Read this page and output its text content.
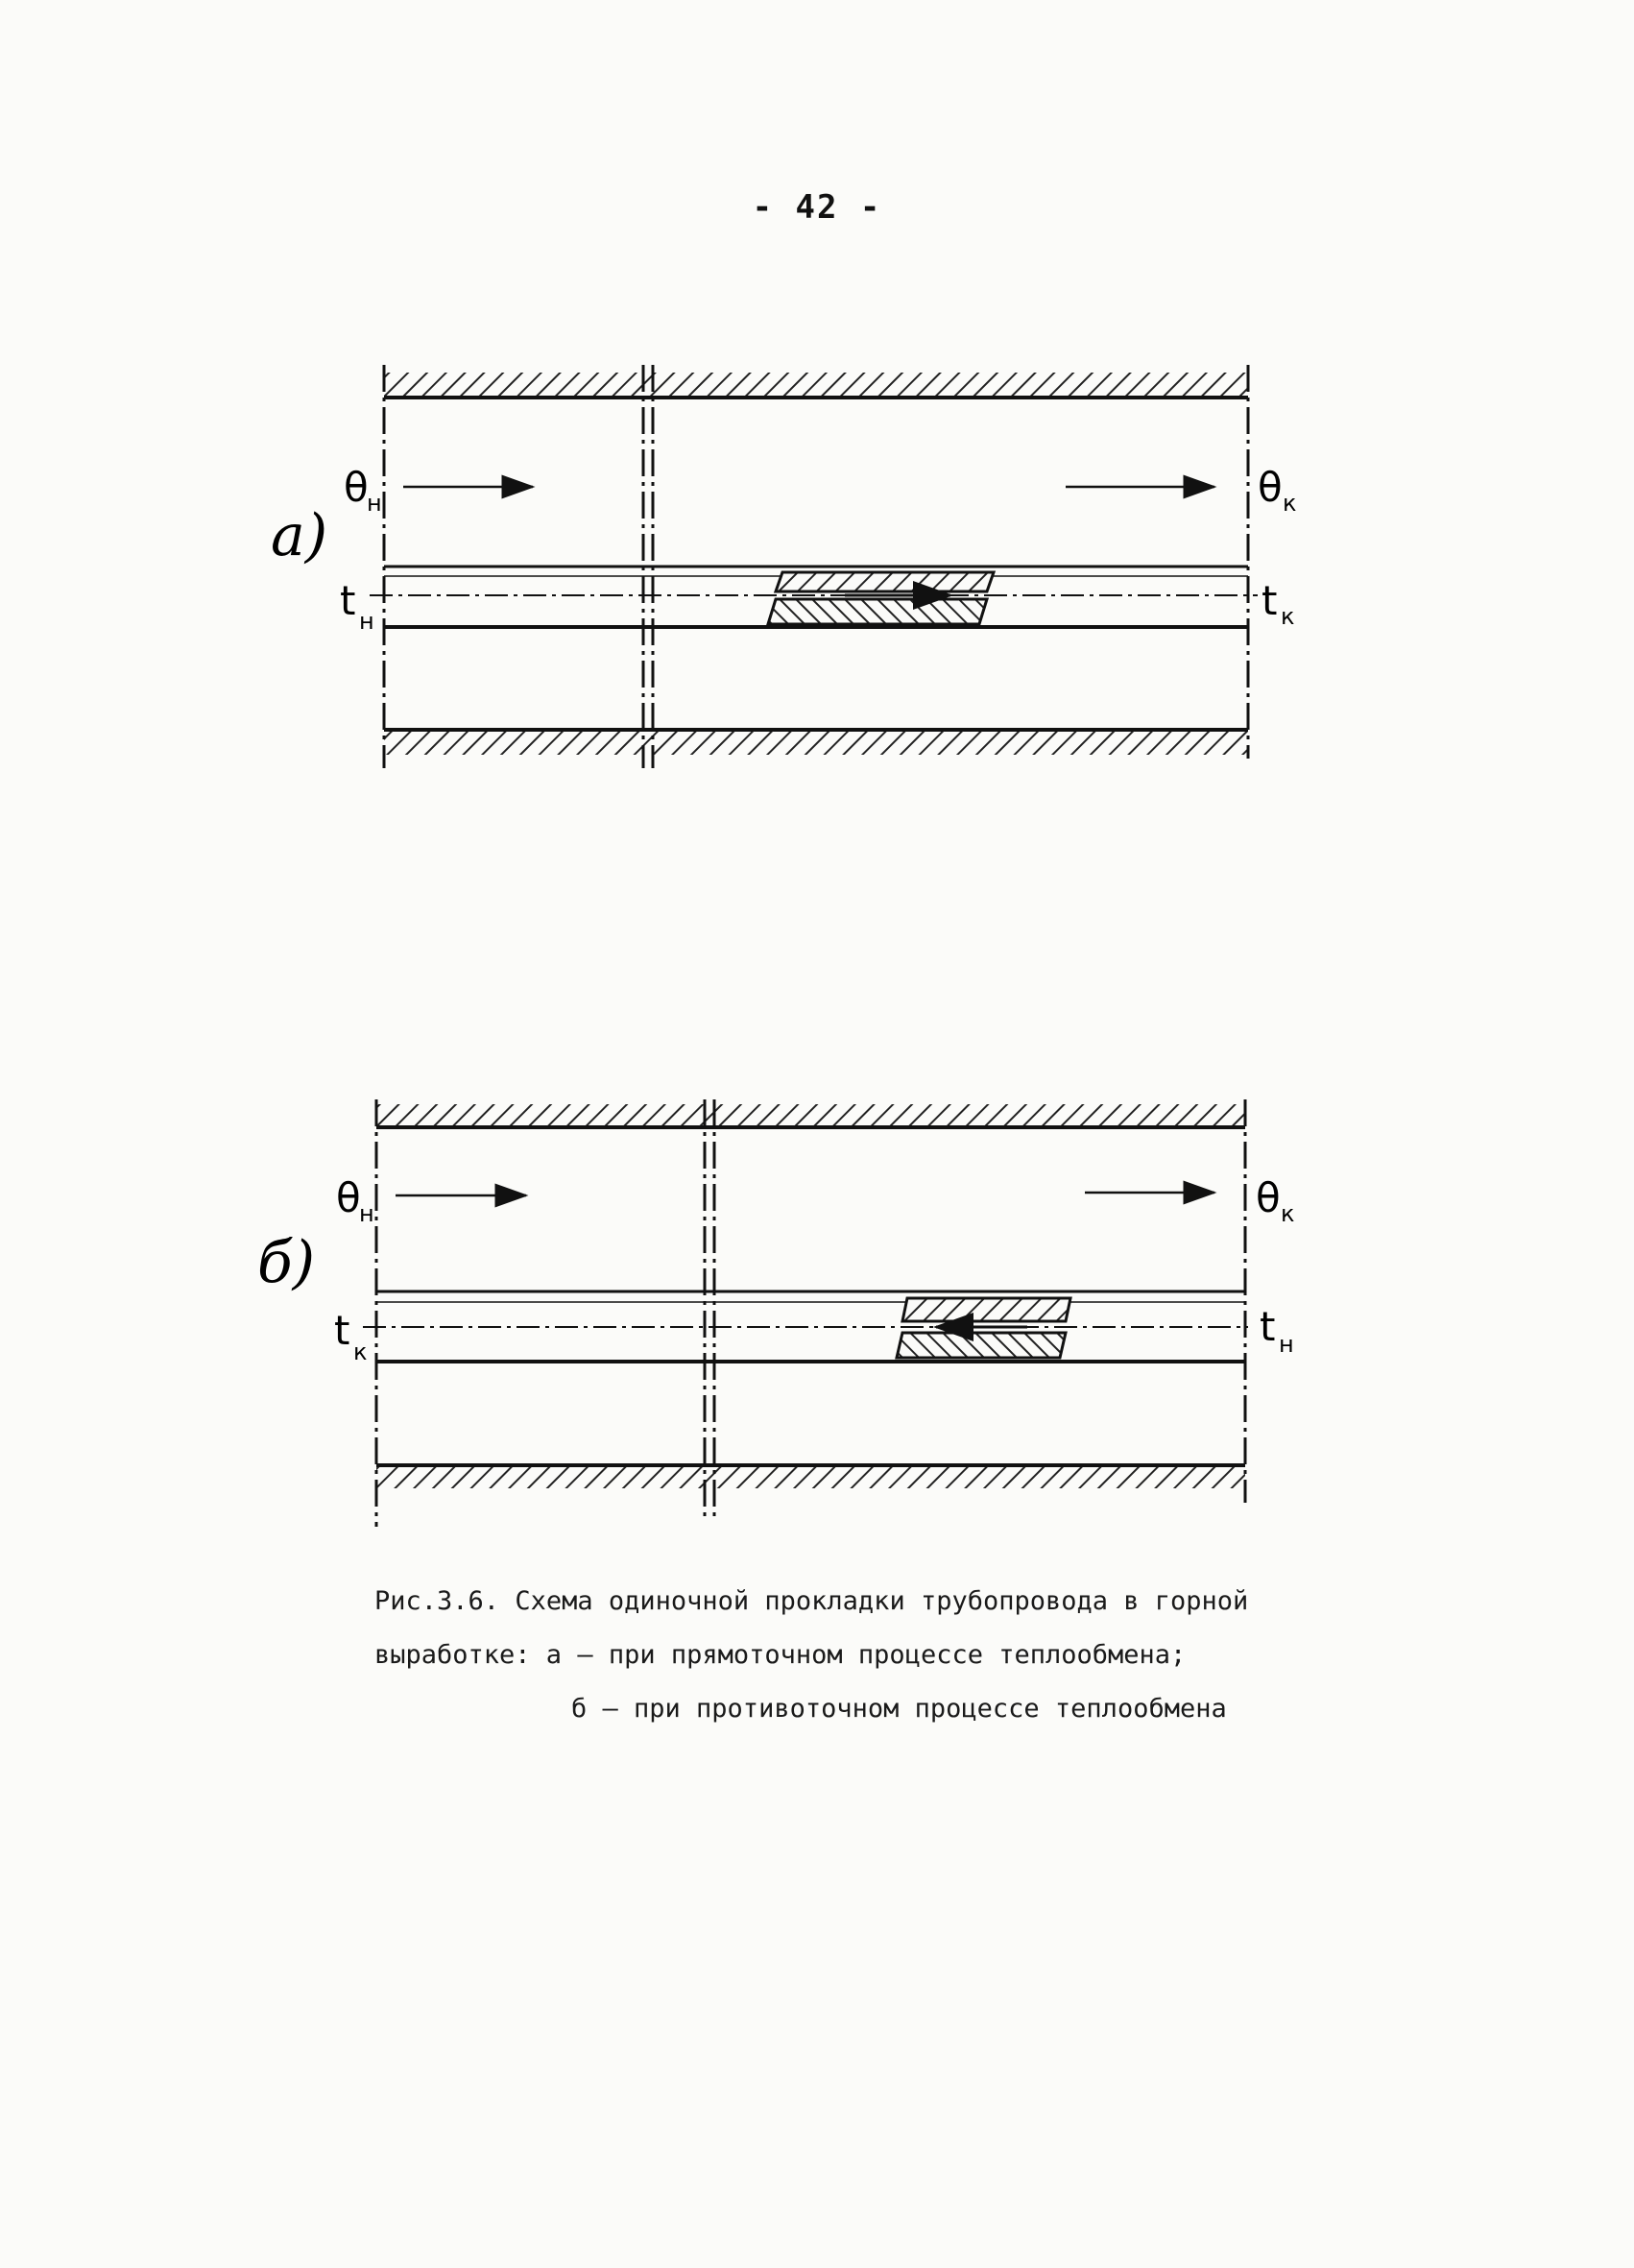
- 42 -
а)
θ
н	θ к
t н	t к
б)
θ
н	θ к
t к
t н
Рис.3.6. Схема одиночной прокладки трубопровода в горной
выработке: а – при прямоточном процессе теплообмена;
б – при противоточном процессе теплообмена
